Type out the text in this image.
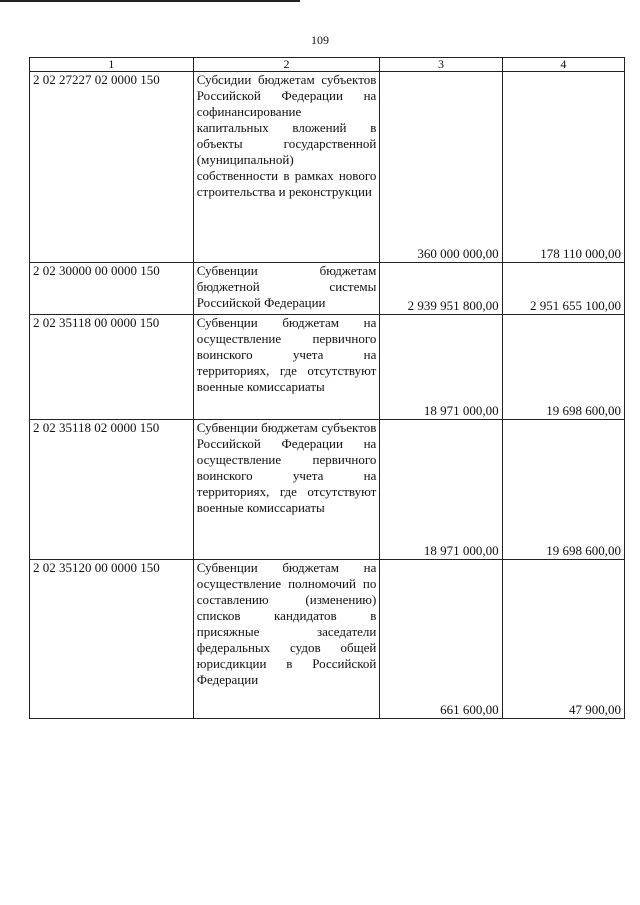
109
1	2	3	4
2 02 27227 02 0000 150	Субсидии бюджетам субъектов Российской Федерации на софинансирование капитальных вложений в объекты государственной (муниципальной) собственности в рамках нового строительства и реконструкции	360 000 000,00	178 110 000,00
2 02 30000 00 0000 150	Субвенции бюджетам бюджетной системы Российской Федерации	2 939 951 800,00	2 951 655 100,00
2 02 35118 00 0000 150	Субвенции бюджетам на осуществление первичного воинского учета на территориях, где отсутствуют военные комиссариаты	18 971 000,00	19 698 600,00
2 02 35118 02 0000 150	Субвенции бюджетам субъектов Российской Федерации на осуществление первичного воинского учета на территориях, где отсутствуют военные комиссариаты	18 971 000,00	19 698 600,00
2 02 35120 00 0000 150	Субвенции бюджетам на осуществление полномочий по составлению (изменению) списков кандидатов в присяжные заседатели федеральных судов общей юрисдикции в Российской Федерации	661 600,00	47 900,00
